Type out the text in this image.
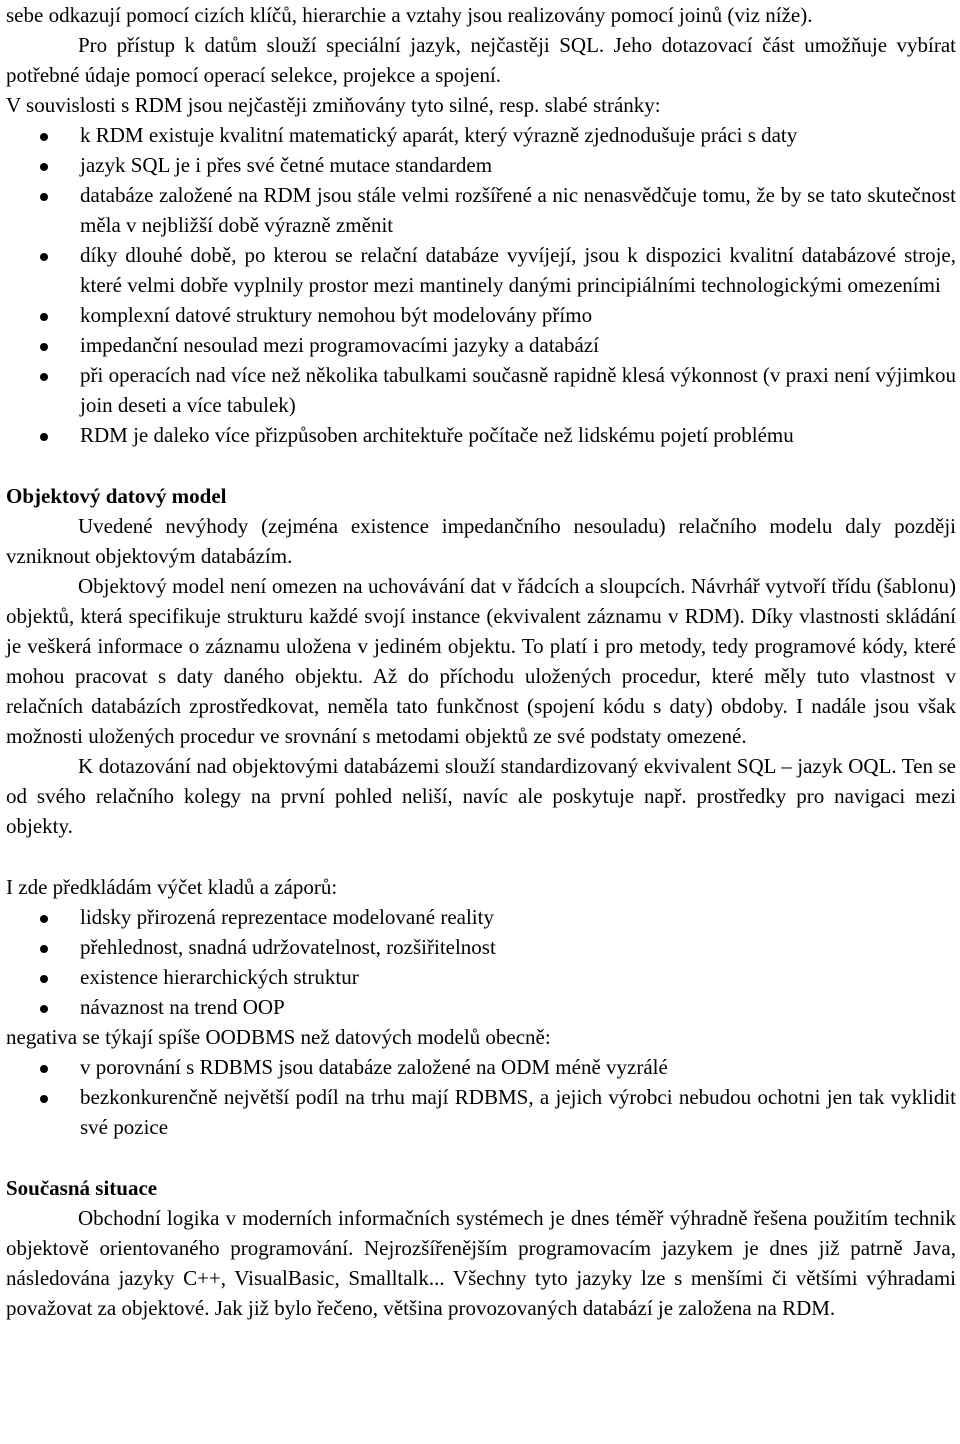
sebe odkazují pomocí cizích klíčů, hierarchie a vztahy jsou realizovány pomocí joinů (viz níže).

Pro přístup k datům slouží speciální jazyk, nejčastěji SQL. Jeho dotazovací část umožňuje vybírat potřebné údaje pomocí operací selekce, projekce a spojení.

V souvislosti s RDM jsou nejčastěji zmiňovány tyto silné, resp. slabé stránky:

k RDM existuje kvalitní matematický aparát, který výrazně zjednodušuje práci s daty
jazyk SQL je i přes své četné mutace standardem
databáze založené na RDM jsou stále velmi rozšířené a nic nenasvědčuje tomu, že by se tato skutečnost měla v nejbližší době výrazně změnit
díky dlouhé době, po kterou se relační databáze vyvíjejí, jsou k dispozici kvalitní databázové stroje, které velmi dobře vyplnily prostor mezi mantinely danými principiálními technologickými omezeními
komplexní datové struktury nemohou být modelovány přímo
impedanční nesoulad mezi programovacími jazyky a databází
při operacích nad více než několika tabulkami současně rapidně klesá výkonnost (v praxi není výjimkou join deseti a více tabulek)
RDM je daleko více přizpůsoben architektuře počítače než lidskému pojetí problému

Objektový datový model

Uvedené nevýhody (zejména existence impedančního nesouladu) relačního modelu daly později vzniknout objektovým databázím.

Objektový model není omezen na uchovávání dat v řádcích a sloupcích. Návrhář vytvoří třídu (šablonu) objektů, která specifikuje strukturu každé svojí instance (ekvivalent záznamu v RDM). Díky vlastnosti skládání je veškerá informace o záznamu uložena v jediném objektu. To platí i pro metody, tedy programové kódy, které mohou pracovat s daty daného objektu. Až do příchodu uložených procedur, které měly tuto vlastnost v relačních databázích zprostředkovat, neměla tato funkčnost (spojení kódu s daty) obdoby. I nadále jsou však možnosti uložených procedur ve srovnání s metodami objektů ze své podstaty omezené.

K dotazování nad objektovými databázemi slouží standardizovaný ekvivalent SQL – jazyk OQL. Ten se od svého relačního kolegy na první pohled neliší, navíc ale poskytuje např. prostředky pro navigaci mezi objekty.

I zde předkládám výčet kladů a záporů:

lidsky přirozená reprezentace modelované reality
přehlednost, snadná udržovatelnost, rozšiřitelnost
existence hierarchických struktur
návaznost na trend OOP

negativa se týkají spíše OODBMS než datových modelů obecně:

v porovnání s RDBMS jsou databáze založené na ODM méně vyzrálé
bezkonkurenčně největší podíl na trhu mají RDBMS, a jejich výrobci nebudou ochotni jen tak vyklidit své pozice

Současná situace

Obchodní logika v moderních informačních systémech je dnes téměř výhradně řešena použitím technik objektově orientovaného programování. Nejrozšířenějším programovacím jazykem je dnes již patrně Java, následována jazyky C++, VisualBasic, Smalltalk... Všechny tyto jazyky lze s menšími či většími výhradami považovat za objektové. Jak již bylo řečeno, většina provozovaných databází je založena na RDM.
